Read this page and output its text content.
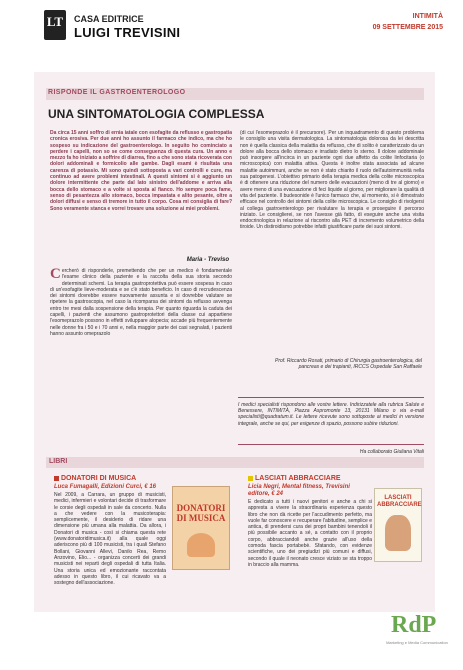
LT	CASA EDITRICE
LUIGI TREVISINI
INTIMITÀ
09 SETTEMBRE 2015
RISPONDE IL GASTROENTEROLOGO
UNA SINTOMATOLOGIA COMPLESSA

Da circa 15 anni soffro di ernia iatale con esofagite da reflusso e gastropatia cronica erosiva. Per due anni ho assunto il farmaco che indico, ma che ho sospeso su indicazione del gastroenterologo. In seguito ho cominciato a perdere i capelli, non so se come conseguenza di questa cura. Un anno e mezzo fa ho iniziato a soffrire di diarrea, fino a che sono stata ricoverata con dolori addominali e formicolio alle gambe. Dagli esami è risultata una carenza di potassio. Mi sono quindi sottoposta a vari controlli e cure, ma continuo ad avere problemi intestinali. A questi sintomi si è aggiunto un dolore intermittente che parte dal lato sinistro dell'addome e arriva alla bocca dello stomaco e a volte si sposta al fianco. Ho sempre poca fame, senso di pesantezza allo stomaco, bocca impastata e alito pesante, oltre a dolori diffusi e senso di tremore in tutto il corpo. Cosa mi consiglia di fare? Sono veramente stanca e vorrei trovare una soluzione ai miei problemi.

(di cui l'esomeprazolo è il precursore). Per un inquadramento di questo problema le consiglio una visita dermatologica. La sintomatologia dolorosa da lei descritta non è quella classica della malattia da reflusso, che di solito è caratterizzato da un dolore alla bocca dello stomaco e irradiato dietro lo sterno. Il dolore addominale può insorgere all'incirca in un paziente ogni due affetto da colite linfocitaria (o microscopica) con malattia attiva. Questa è inoltre stata associata ad alcune malattie autoimmuni, anche se non è stato chiarito il ruolo dell'autoimmunità nella sua patogenesi. L'obiettivo primario della terapia medica della colite microscopica è di ottenere una riduzione del numero delle evacuazioni (meno di tre al giorno) e avere meno di una evacuazione di feci liquide al giorno, per migliorare la qualità di vita del paziente. Il budesonide è l'unico farmaco che, al momento, si è dimostrato efficace nel controllo dei sintomi della colite microscopica. Le consiglio di rivolgersi al collega gastroenterologo per rivalutare la terapia e proseguire il percorso iniziato. Le consiglierei, se non l'avesse già fatto, di eseguire anche una visita endocrinologica in relazione al riscontro alla PET di incremento volumetrico della tiroide. Un distiroidismo potrebbe infatti giustificare parte dei suoi sintomi.

Maria - Treviso
Cercherò di risponderle, premettendo che per un medico è fondamentale l'esame clinico della paziente e la raccolta della sua storia secondo determinati schemi. La terapia gastroprotettiva può essere sospesa in caso di un'esofagite lieve-moderata e se c'è stato beneficio. In caso di recrudescenza dei sintomi dovrebbe essere nuovamente assunta e si dovrebbe valutare se ripetere la gastroscopia, nel caso la ricomparsa dei sintomi da reflusso avvenga entro tre mesi dalla sospensione della terapia. Per quanto riguarda la caduta dei capelli, i pazienti che assumono gastroprotettori della classe cui appartiene l'esomeprazolo possono in effetti sviluppare alopecia; accade più frequentemente nelle donne fra i 50 e i 70 anni e, nella maggior parte dei casi segnalati, i pazienti hanno assunto omeprazolo
Prof. Riccardo Rosati, primario di Chirurgia gastroenterologica, del pancreas e dei trapianti, IRCCS Ospedale San Raffaele
I medici specialisti rispondono alle vostre lettere. Indirizzatele alla rubrica Salute e Benessere, INTIMITÀ, Piazza Aspromonte 13, 20131 Milano o via e-mail specialisti@quadratum.it. Le lettere ricevute sono sottoposte ai medici in versione integrale, anche se qui, per esigenze di spazio, possono subire riduzioni.
Ha collaborato Giuliana Vitali
LIBRI
DONATORI DI MUSICA
Luca Fumagalli, Edizioni Curci, € 16

Nel 2009, a Carrara, un gruppo di musicisti, medici, infermieri e volontari decide di trasformare le corsie degli ospedali in sale da concerto. Nulla a che vedere con la musicoterapia: semplicemente, il desiderio di ridare una dimensione più umana alla malattia. Da allora, i Donatori di musica - così si chiama questa rete (www.donatoridimusica.it) alla quale oggi aderiscono più di 100 musicisti, tra i quali Stefano Bollani, Giovanni Allevi, Danilo Rea, Remo Anzovino, Elio... - organizza concerti dei grandi musicisti nei reparti degli ospedali di tutta Italia. Una storia unica ed emozionante raccontata adesso in questo libro, il cui ricavato va a sostegno dell'associazione.

DONATORI DI MUSICA
LASCIATI ABBRACCIARE
Licia Negri, Mental fitness, Trevisini editore, € 24

È dedicato a tutti i nuovi genitori e anche a chi si appresta a vivere la straordinaria esperienza questo libro che non dà ricette per l'accudimento perfetto, ma vuole far conoscere e recuperare l'abitudine, semplice e antica, di prendersi cura dei propri bambini tenendoli il più possibile accanto a sé, a contatto con il proprio corpo, abbracciandoli anche grazie all'uso della comoda fascia portabebè. Sfatando, con evidenze scientifiche, uno dei pregiudizi più comuni e diffusi, secondo il quale il neonato cresce viziato se sta troppo in braccio alla mamma.

LASCIATI ABBRACCIARE
RdP
Marketing e Media Communication
